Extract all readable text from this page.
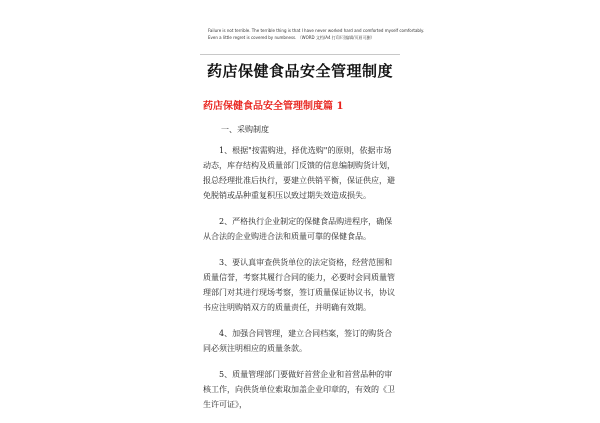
Failure is not terrible. The terrible thing is that I have never worked hard and comforted myself comfortably.
Even a little regret is covered by numbness. （WORD 文档/A4 打印/可编辑/页眉可删）
药店保健食品安全管理制度
药店保健食品安全管理制度篇 1

一、采购制度

1、根据"按需购进，择优选购"的原则，依据市场动态，库存结构及质量部门反馈的信息编制购货计划，报总经理批准后执行，要建立供销平衡，保证供应，避免脱销或品种重复积压以致过期失效造成损失。

2、严格执行企业制定的保健食品购进程序，确保从合法的企业购进合法和质量可靠的保健食品。

3、要认真审查供货单位的法定资格，经营范围和质量信誉，考察其履行合同的能力，必要时会同质量管理部门对其进行现场考察，签订质量保证协议书，协议书应注明购销双方的质量责任，并明确有效期。

4、加强合同管理，建立合同档案，签订的购货合同必须注明相应的质量条款。

5、质量管理部门要做好首营企业和首营品种的审核工作，向供货单位索取加盖企业印章的，有效的《卫生许可证》，
